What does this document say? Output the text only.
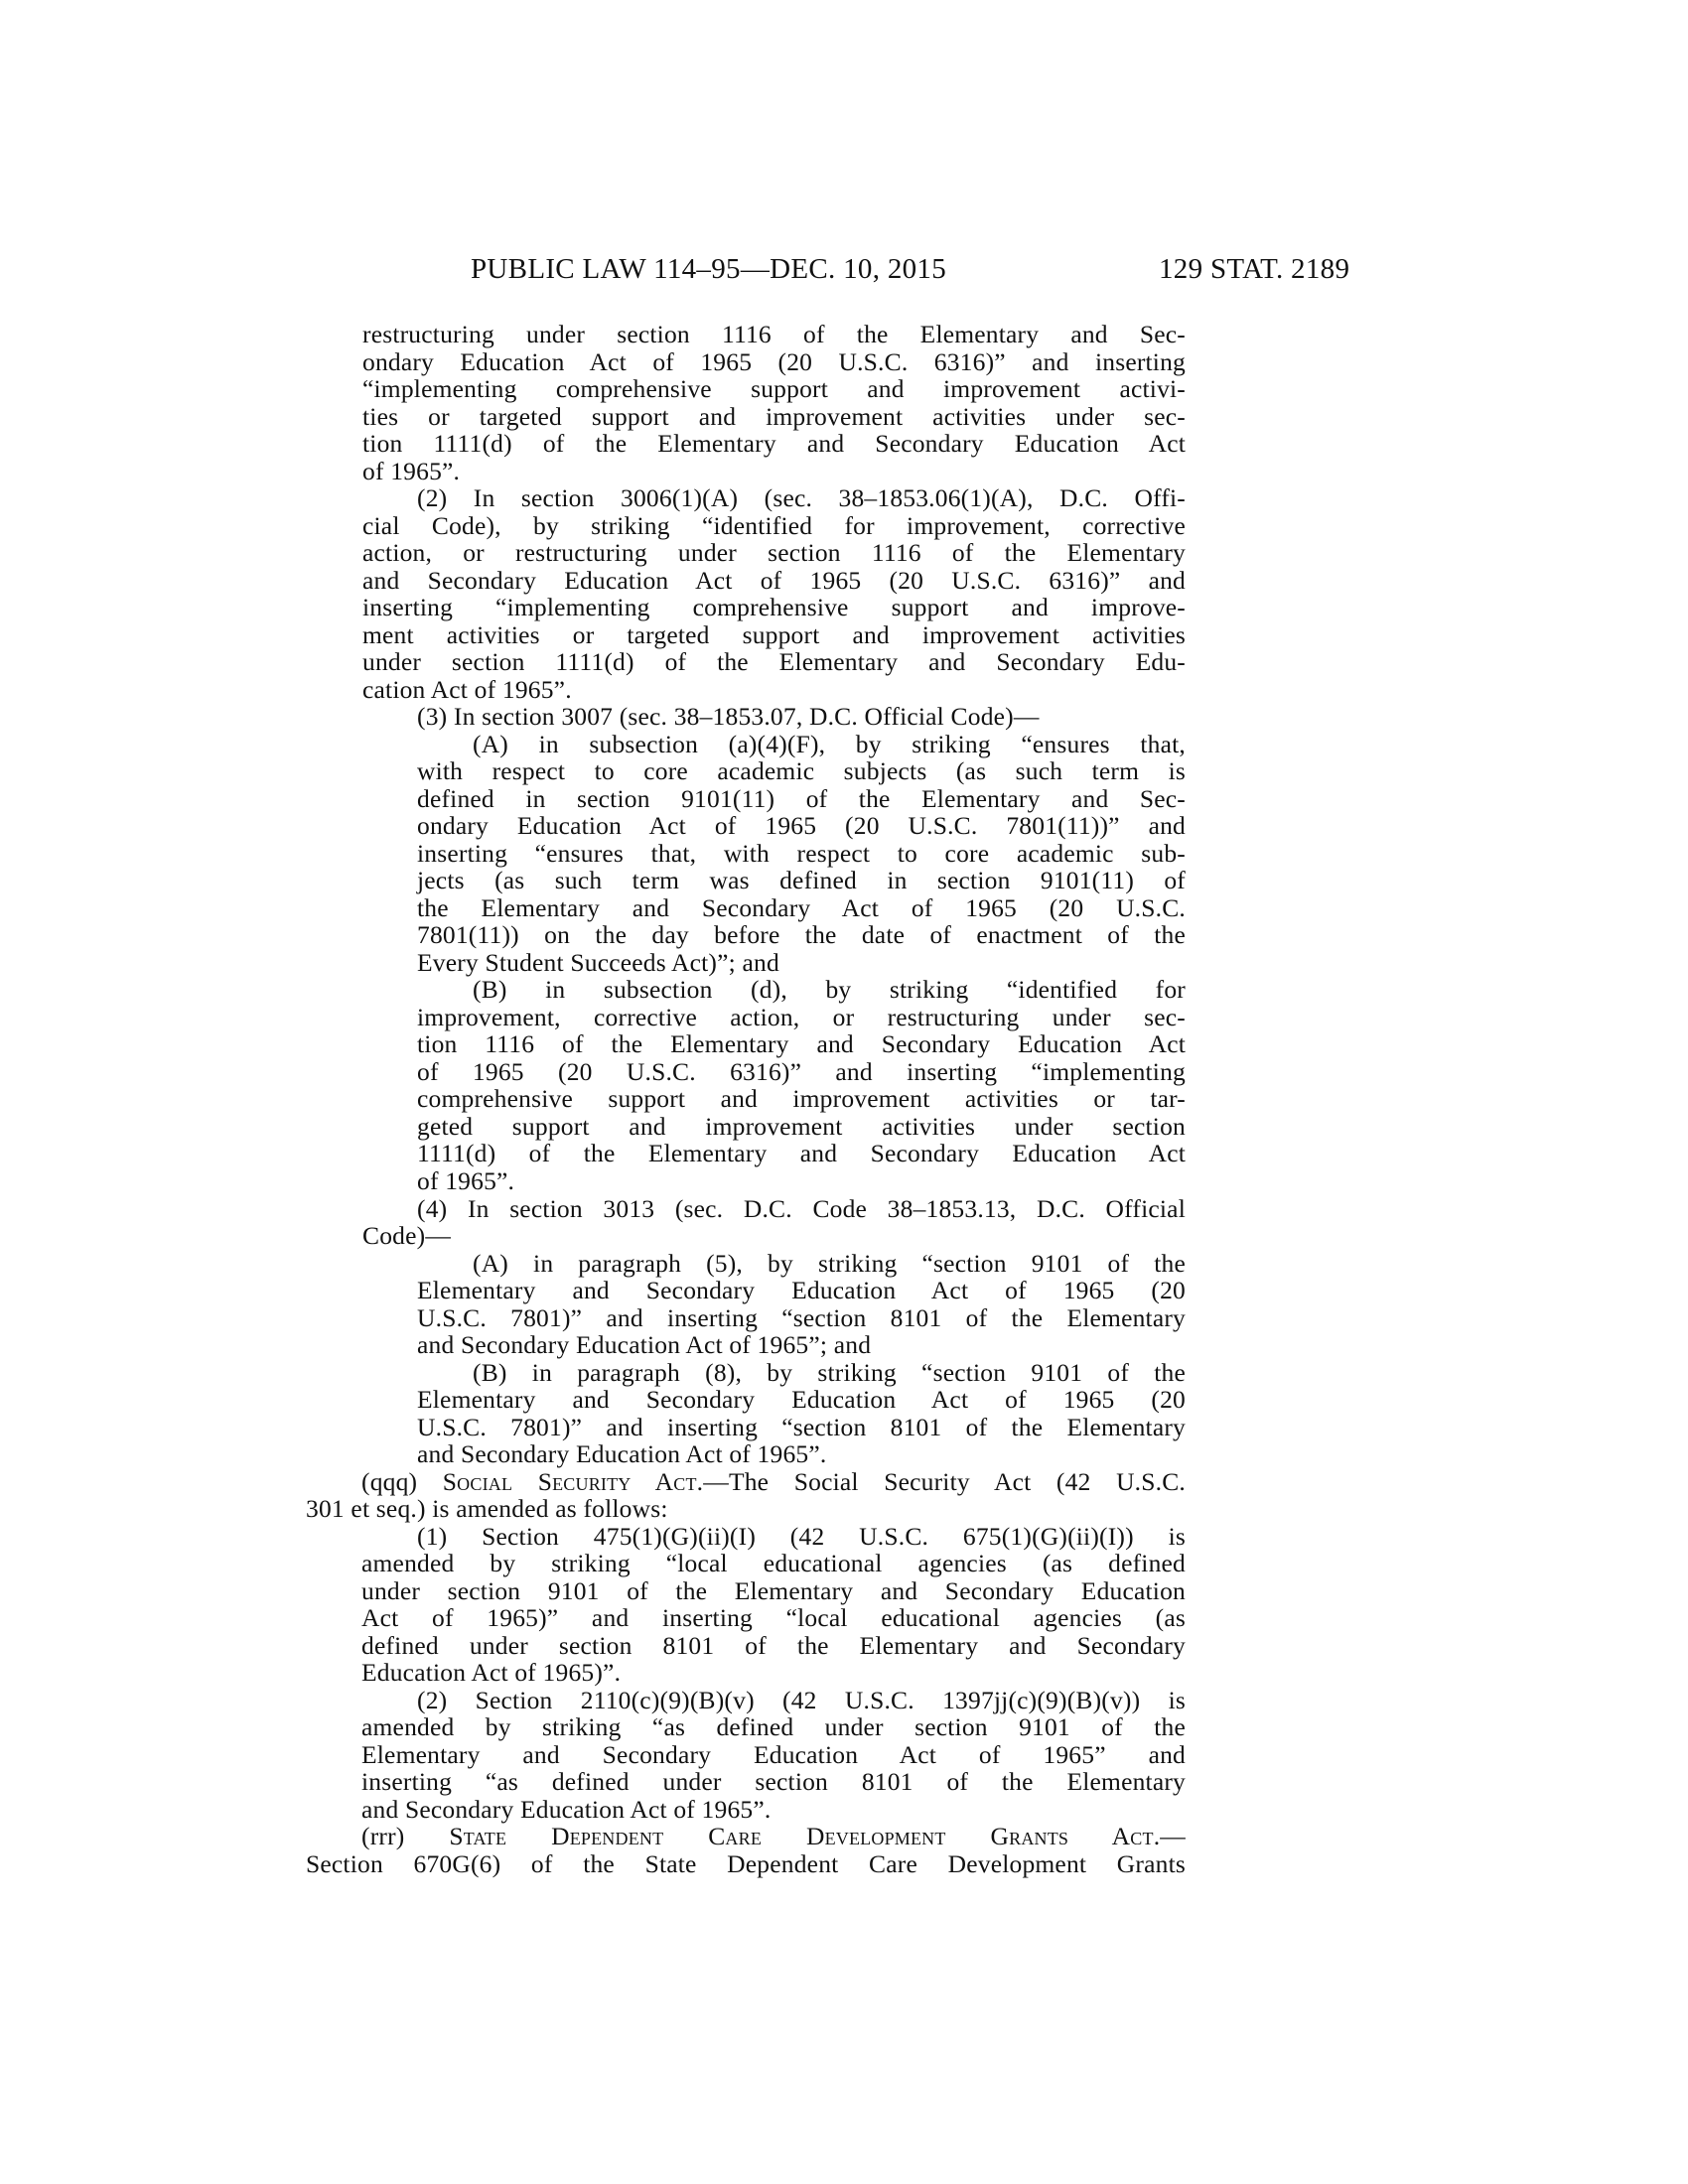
PUBLIC LAW 114–95—DEC. 10, 2015	129 STAT. 2189
restructuring under section 1116 of the Elementary and Sec-
ondary Education Act of 1965 (20 U.S.C. 6316)” and inserting
“implementing comprehensive support and improvement activi-
ties or targeted support and improvement activities under sec-
tion 1111(d) of the Elementary and Secondary Education Act
of 1965”.
(2) In section 3006(1)(A) (sec. 38–1853.06(1)(A), D.C. Offi-
cial Code), by striking “identified for improvement, corrective
action, or restructuring under section 1116 of the Elementary
and Secondary Education Act of 1965 (20 U.S.C. 6316)” and
inserting “implementing comprehensive support and improve-
ment activities or targeted support and improvement activities
under section 1111(d) of the Elementary and Secondary Edu-
cation Act of 1965”.
(3) In section 3007 (sec. 38–1853.07, D.C. Official Code)—
(A) in subsection (a)(4)(F), by striking “ensures that,
with respect to core academic subjects (as such term is
defined in section 9101(11) of the Elementary and Sec-
ondary Education Act of 1965 (20 U.S.C. 7801(11))” and
inserting “ensures that, with respect to core academic sub-
jects (as such term was defined in section 9101(11) of
the Elementary and Secondary Act of 1965 (20 U.S.C.
7801(11)) on the day before the date of enactment of the
Every Student Succeeds Act)”; and
(B) in subsection (d), by striking “identified for
improvement, corrective action, or restructuring under sec-
tion 1116 of the Elementary and Secondary Education Act
of 1965 (20 U.S.C. 6316)” and inserting “implementing
comprehensive support and improvement activities or tar-
geted support and improvement activities under section
1111(d) of the Elementary and Secondary Education Act
of 1965”.
(4) In section 3013 (sec. D.C. Code 38–1853.13, D.C. Official
Code)—
(A) in paragraph (5), by striking “section 9101 of the
Elementary and Secondary Education Act of 1965 (20
U.S.C. 7801)” and inserting “section 8101 of the Elementary
and Secondary Education Act of 1965”; and
(B) in paragraph (8), by striking “section 9101 of the
Elementary and Secondary Education Act of 1965 (20
U.S.C. 7801)” and inserting “section 8101 of the Elementary
and Secondary Education Act of 1965”.
(qqq) Social Security Act.—The Social Security Act (42 U.S.C.
301 et seq.) is amended as follows:
(1) Section 475(1)(G)(ii)(I) (42 U.S.C. 675(1)(G)(ii)(I)) is
amended by striking “local educational agencies (as defined
under section 9101 of the Elementary and Secondary Education
Act of 1965)” and inserting “local educational agencies (as
defined under section 8101 of the Elementary and Secondary
Education Act of 1965)”.
(2) Section 2110(c)(9)(B)(v) (42 U.S.C. 1397jj(c)(9)(B)(v)) is
amended by striking “as defined under section 9101 of the
Elementary and Secondary Education Act of 1965” and
inserting “as defined under section 8101 of the Elementary
and Secondary Education Act of 1965”.
(rrr) State Dependent Care Development Grants Act.—
Section 670G(6) of the State Dependent Care Development Grants
